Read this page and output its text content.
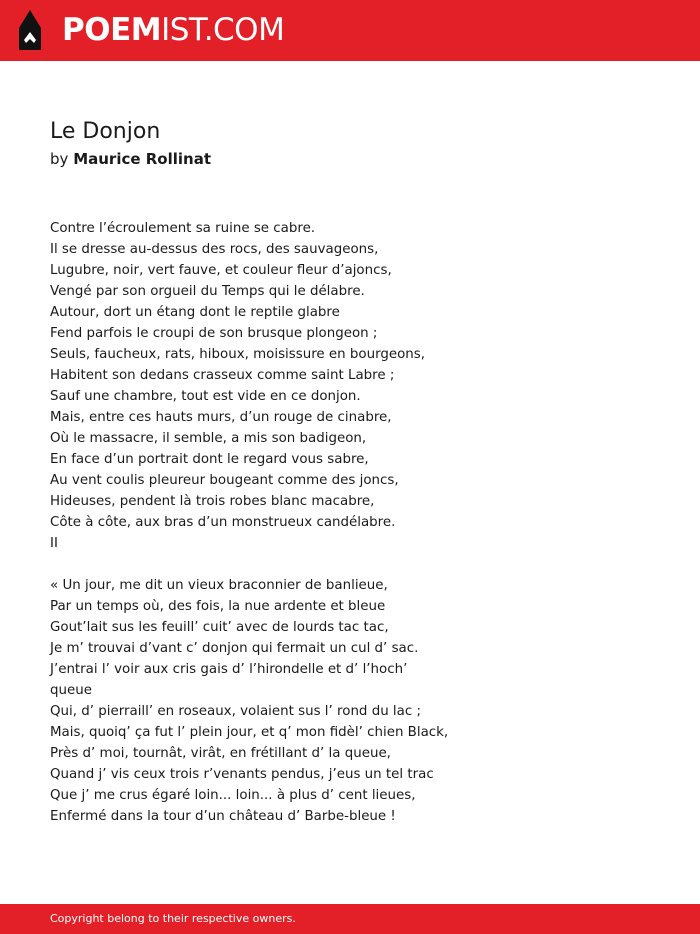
POEMIST.COM
Le Donjon
by Maurice Rollinat
Contre l’écroulement sa ruine se cabre.
Il se dresse au-dessus des rocs, des sauvageons,
Lugubre, noir, vert fauve, et couleur fleur d’ajoncs,
Vengé par son orgueil du Temps qui le délabre.
Autour, dort un étang dont le reptile glabre
Fend parfois le croupi de son brusque plongeon ;
Seuls, faucheux, rats, hiboux, moisissure en bourgeons,
Habitent son dedans crasseux comme saint Labre ;
Sauf une chambre, tout est vide en ce donjon.
Mais, entre ces hauts murs, d’un rouge de cinabre,
Où le massacre, il semble, a mis son badigeon,
En face d’un portrait dont le regard vous sabre,
Au vent coulis pleureur bougeant comme des joncs,
Hideuses, pendent là trois robes blanc macabre,
Côte à côte, aux bras d’un monstrueux candélabre.
II
« Un jour, me dit un vieux braconnier de banlieue,
Par un temps où, des fois, la nue ardente et bleue
Gout’lait sus les feuill’ cuit’ avec de lourds tac tac,
Je m’ trouvai d’vant c’ donjon qui fermait un cul d’ sac.
J’entrai l’ voir aux cris gais d’ l’hirondelle et d’ l’hoch’
queue
Qui, d’ pierraill’ en roseaux, volaient sus l’ rond du lac ;
Mais, quoiq’ ça fut l’ plein jour, et q’ mon fidèl’ chien Black,
Près d’ moi, tournât, virât, en frétillant d’ la queue,
Quand j’ vis ceux trois r’venants pendus, j’eus un tel trac
Que j’ me crus égaré loin... loin... à plus d’ cent lieues,
Enfermé dans la tour d’un château d’ Barbe-bleue !
Copyright belong to their respective owners.
